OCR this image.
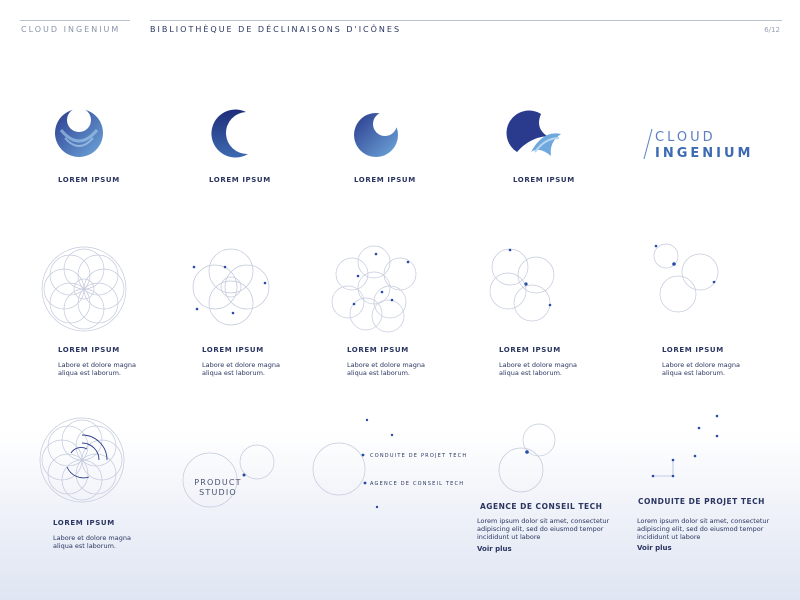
CLOUD INGENIUM	BIBLIOTHÈQUE DE DÉCLINAISONS D'ICÔNES	6/12
LOREM IPSUM	LOREM IPSUM	LOREM IPSUM	LOREM IPSUM
CLOUD
INGENIUM
LOREM IPSUM
Labore et dolore magna
aliqua est laborum.
LOREM IPSUM
Labore et dolore magna
aliqua est laborum.
LOREM IPSUM
Labore et dolore magna
aliqua est laborum.
LOREM IPSUM
Labore et dolore magna
aliqua est laborum.
LOREM IPSUM
Labore et dolore magna
aliqua est laborum.
LOREM IPSUM
Labore et dolore magna
aliqua est laborum.
PRODUCT
STUDIO
CONDUITE DE PROJET TECH
AGENCE DE CONSEIL TECH
AGENCE DE CONSEIL TECH
Lorem ipsum dolor sit amet, consectetur adipiscing elit, sed do eiusmod tempor incididunt ut labore
Voir plus
CONDUITE DE PROJET TECH
Lorem ipsum dolor sit amet, consectetur adipiscing elit, sed do eiusmod tempor incididunt ut labore
Voir plus
